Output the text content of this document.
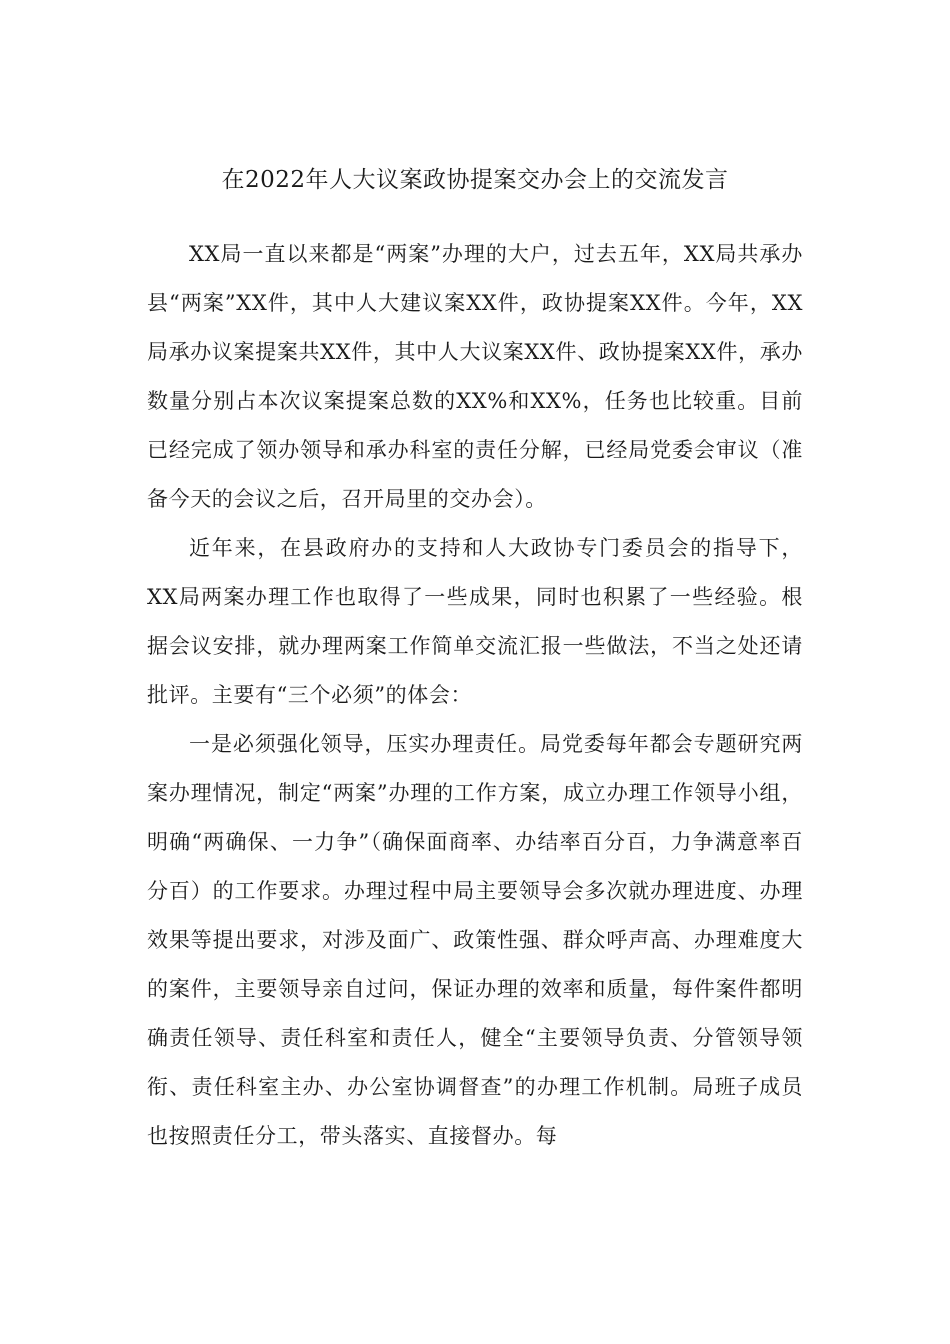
在2022年人大议案政协提案交办会上的交流发言

XX局一直以来都是“两案”办理的大户，过去五年，XX局共承办县“两案”XX件，其中人大建议案XX件，政协提案XX件。今年，XX局承办议案提案共XX件，其中人大议案XX件、政协提案XX件，承办数量分别占本次议案提案总数的XX%和XX%，任务也比较重。目前已经完成了领办领导和承办科室的责任分解，已经局党委会审议（准备今天的会议之后，召开局里的交办会）。

近年来，在县政府办的支持和人大政协专门委员会的指导下，XX局两案办理工作也取得了一些成果，同时也积累了一些经验。根据会议安排，就办理两案工作简单交流汇报一些做法，不当之处还请批评。主要有“三个必须”的体会：

一是必须强化领导，压实办理责任。局党委每年都会专题研究两案办理情况，制定“两案”办理的工作方案，成立办理工作领导小组，明确“两确保、一力争”（确保面商率、办结率百分百，力争满意率百分百）的工作要求。办理过程中局主要领导会多次就办理进度、办理效果等提出要求，对涉及面广、政策性强、群众呼声高、办理难度大的案件，主要领导亲自过问，保证办理的效率和质量，每件案件都明确责任领导、责任科室和责任人，健全“主要领导负责、分管领导领衔、责任科室主办、办公室协调督查”的办理工作机制。局班子成员也按照责任分工，带头落实、直接督办。每
